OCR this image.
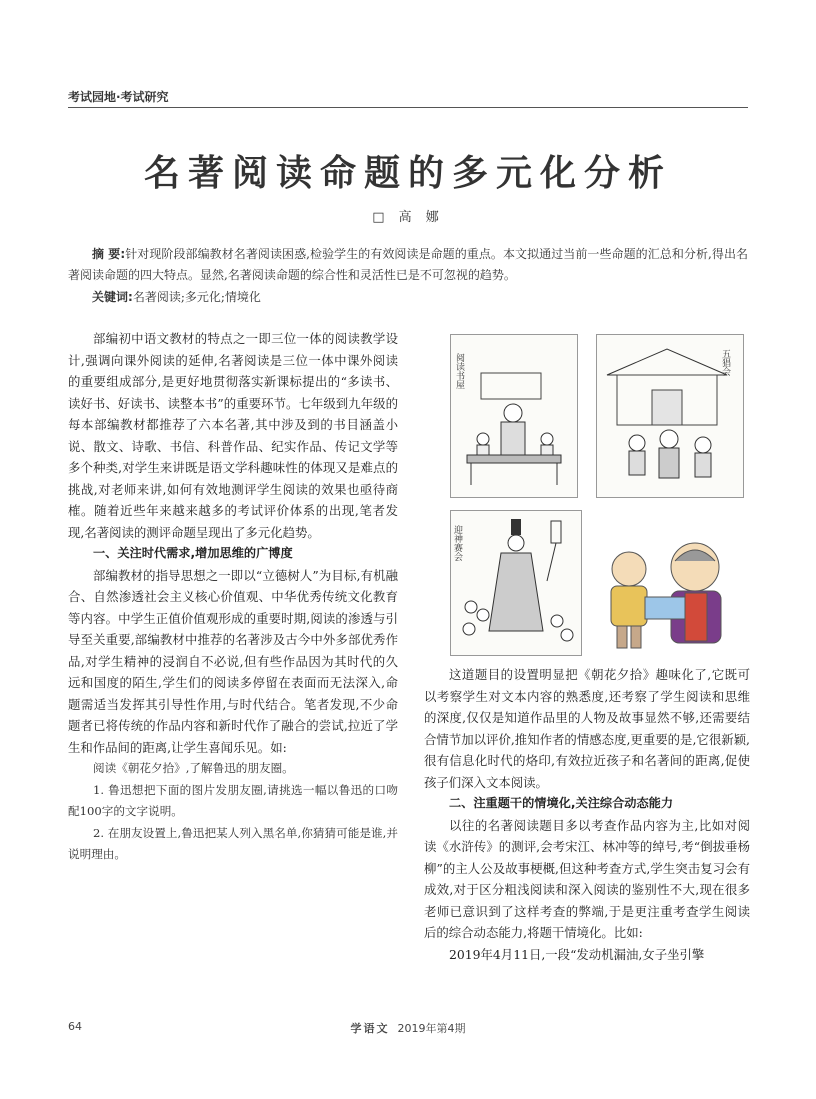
考试园地·考试研究
名著阅读命题的多元化分析
□ 高 娜
摘 要:针对现阶段部编教材名著阅读困惑,检验学生的有效阅读是命题的重点。本文拟通过当前一些命题的汇总和分析,得出名著阅读命题的四大特点。显然,名著阅读命题的综合性和灵活性已是不可忽视的趋势。
关键词:名著阅读;多元化;情境化

部编初中语文教材的特点之一即三位一体的阅读教学设计,强调向课外阅读的延伸,名著阅读是三位一体中课外阅读的重要组成部分,是更好地贯彻落实新课标提出的“多读书、读好书、好读书、读整本书”的重要环节。七年级到九年级的每本部编教材都推荐了六本名著,其中涉及到的书目涵盖小说、散文、诗歌、书信、科普作品、纪实作品、传记文学等多个种类,对学生来讲既是语文学科趣味性的体现又是难点的挑战,对老师来讲,如何有效地测评学生阅读的效果也亟待商榷。随着近些年来越来越多的考试评价体系的出现,笔者发现,名著阅读的测评命题呈现出了多元化趋势。

一、关注时代需求,增加思维的广博度

部编教材的指导思想之一即以“立德树人”为目标,有机融合、自然渗透社会主义核心价值观、中华优秀传统文化教育等内容。中学生正值价值观形成的重要时期,阅读的渗透与引导至关重要,部编教材中推荐的名著涉及古今中外多部优秀作品,对学生精神的浸润自不必说,但有些作品因为其时代的久远和国度的陌生,学生们的阅读多停留在表面而无法深入,命题需适当发挥其引导性作用,与时代结合。笔者发现,不少命题者已将传统的作品内容和新时代作了融合的尝试,拉近了学生和作品间的距离,让学生喜闻乐见。如:

阅读《朝花夕拾》,了解鲁迅的朋友圈。

1. 鲁迅想把下面的图片发朋友圈,请挑选一幅以鲁迅的口吻配100字的文字说明。

2. 在朋友设置上,鲁迅把某人列入黑名单,你猜猜可能是谁,并说明理由。

阅读书屋	五猖会
迎神赛会

这道题目的设置明显把《朝花夕拾》趣味化了,它既可以考察学生对文本内容的熟悉度,还考察了学生阅读和思维的深度,仅仅是知道作品里的人物及故事显然不够,还需要结合情节加以评价,推知作者的情感态度,更重要的是,它很新颖,很有信息化时代的烙印,有效拉近孩子和名著间的距离,促使孩子们深入文本阅读。

二、注重题干的情境化,关注综合动态能力

以往的名著阅读题目多以考查作品内容为主,比如对阅读《水浒传》的测评,会考宋江、林冲等的绰号,考“倒拔垂杨柳”的主人公及故事梗概,但这种考查方式,学生突击复习会有成效,对于区分粗浅阅读和深入阅读的鉴别性不大,现在很多老师已意识到了这样考查的弊端,于是更注重考查学生阅读后的综合动态能力,将题干情境化。比如:

2019年4月11日,一段“发动机漏油,女子坐引擎

64	学语文 2019年第4期
